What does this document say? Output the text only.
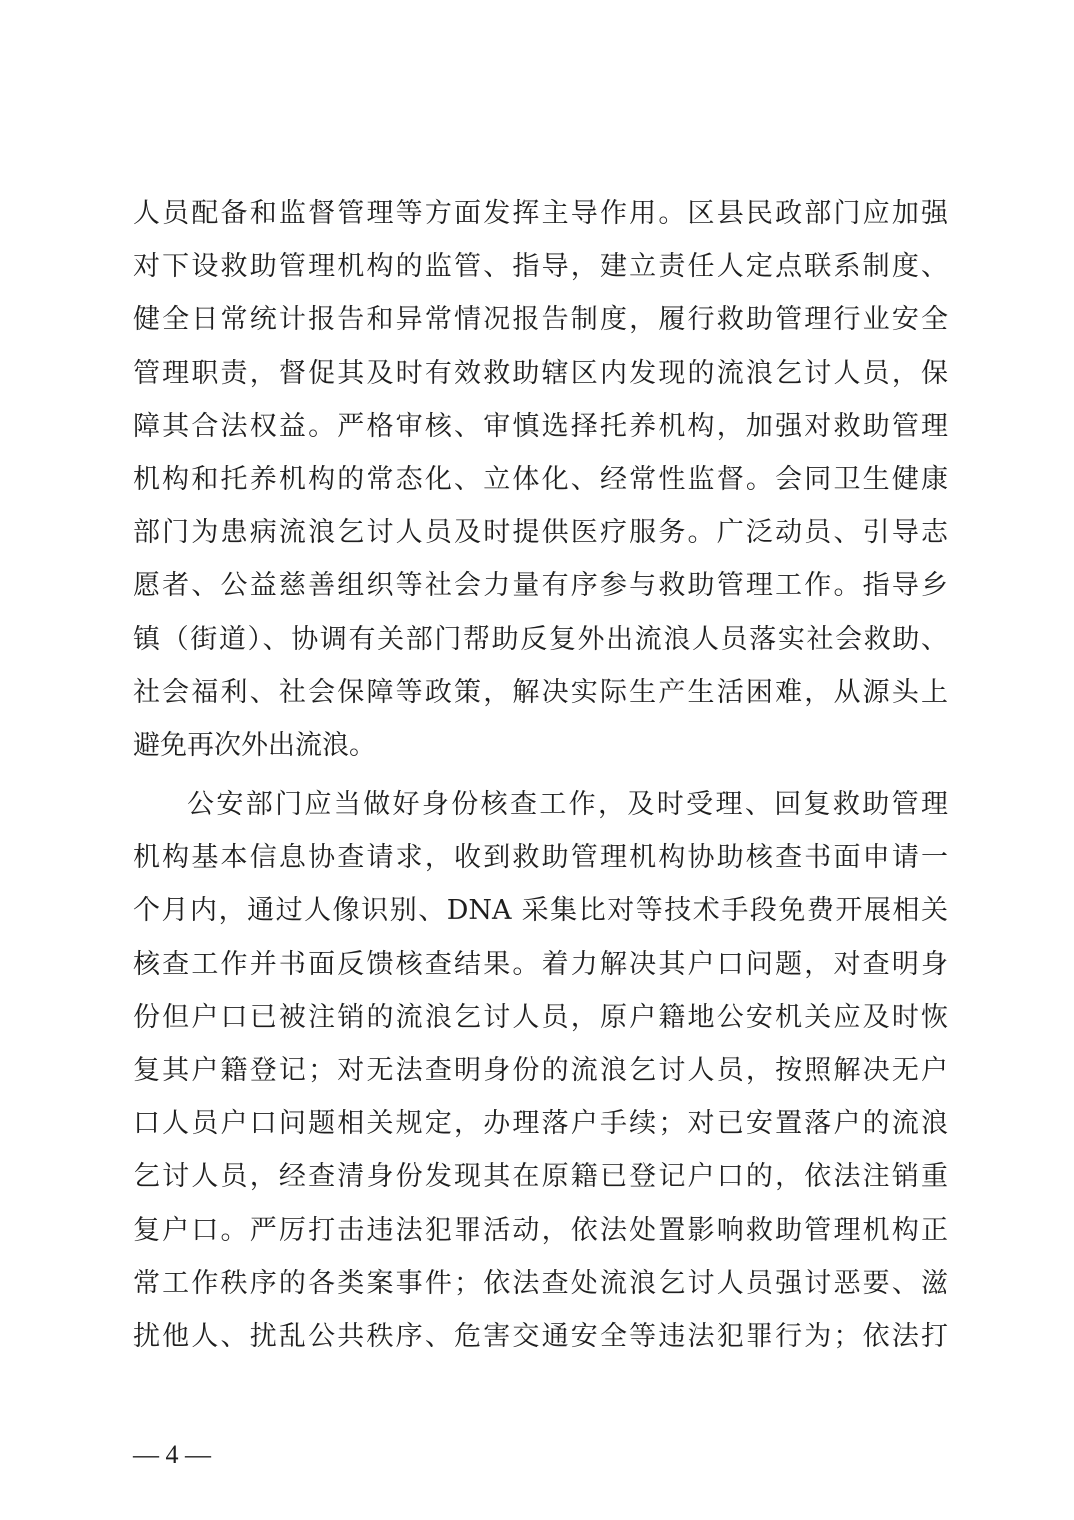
人员配备和监督管理等方面发挥主导作用。区县民政部门应加强
对下设救助管理机构的监管、指导，建立责任人定点联系制度、
健全日常统计报告和异常情况报告制度，履行救助管理行业安全
管理职责，督促其及时有效救助辖区内发现的流浪乞讨人员，保
障其合法权益。严格审核、审慎选择托养机构，加强对救助管理
机构和托养机构的常态化、立体化、经常性监督。会同卫生健康
部门为患病流浪乞讨人员及时提供医疗服务。广泛动员、引导志
愿者、公益慈善组织等社会力量有序参与救助管理工作。指导乡
镇（街道）、协调有关部门帮助反复外出流浪人员落实社会救助、
社会福利、社会保障等政策，解决实际生产生活困难，从源头上
避免再次外出流浪。
公安部门应当做好身份核查工作，及时受理、回复救助管理
机构基本信息协查请求，收到救助管理机构协助核查书面申请一
个月内，通过人像识别、DNA 采集比对等技术手段免费开展相关
核查工作并书面反馈核查结果。着力解决其户口问题，对查明身
份但户口已被注销的流浪乞讨人员，原户籍地公安机关应及时恢
复其户籍登记；对无法查明身份的流浪乞讨人员，按照解决无户
口人员户口问题相关规定，办理落户手续；对已安置落户的流浪
乞讨人员，经查清身份发现其在原籍已登记户口的，依法注销重
复户口。严厉打击违法犯罪活动，依法处置影响救助管理机构正
常工作秩序的各类案事件；依法查处流浪乞讨人员强讨恶要、滋
扰他人、扰乱公共秩序、危害交通安全等违法犯罪行为；依法打
— 4 —
